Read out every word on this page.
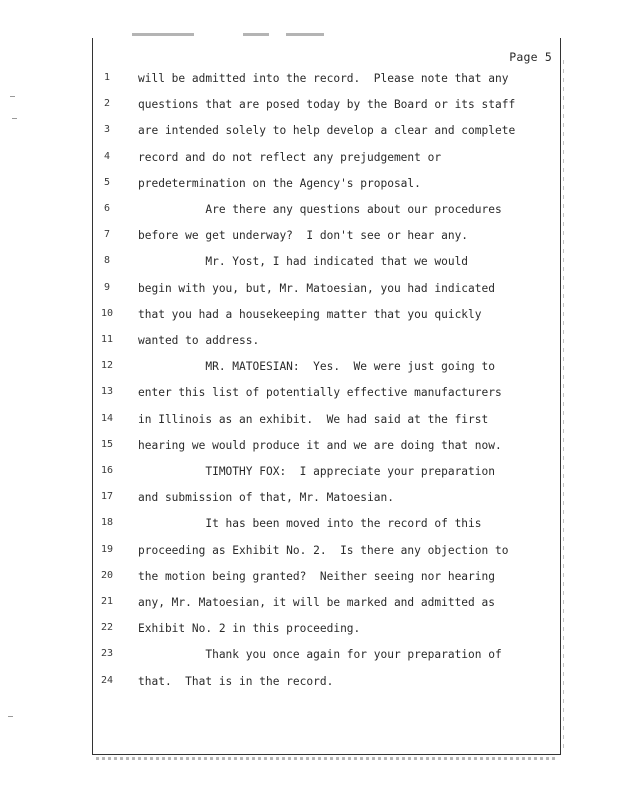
Page 5
1	will be admitted into the record.  Please note that any
2	questions that are posed today by the Board or its staff
3	are intended solely to help develop a clear and complete
4	record and do not reflect any prejudgement or
5	predetermination on the Agency's proposal.
6	Are there any questions about our procedures
7	before we get underway?  I don't see or hear any.
8	Mr. Yost, I had indicated that we would
9	begin with you, but, Mr. Matoesian, you had indicated
10	that you had a housekeeping matter that you quickly
11	wanted to address.
12	MR. MATOESIAN:  Yes.  We were just going to
13	enter this list of potentially effective manufacturers
14	in Illinois as an exhibit.  We had said at the first
15	hearing we would produce it and we are doing that now.
16	TIMOTHY FOX:  I appreciate your preparation
17	and submission of that, Mr. Matoesian.
18	It has been moved into the record of this
19	proceeding as Exhibit No. 2.  Is there any objection to
20	the motion being granted?  Neither seeing nor hearing
21	any, Mr. Matoesian, it will be marked and admitted as
22	Exhibit No. 2 in this proceeding.
23	Thank you once again for your preparation of
24	that.  That is in the record.
